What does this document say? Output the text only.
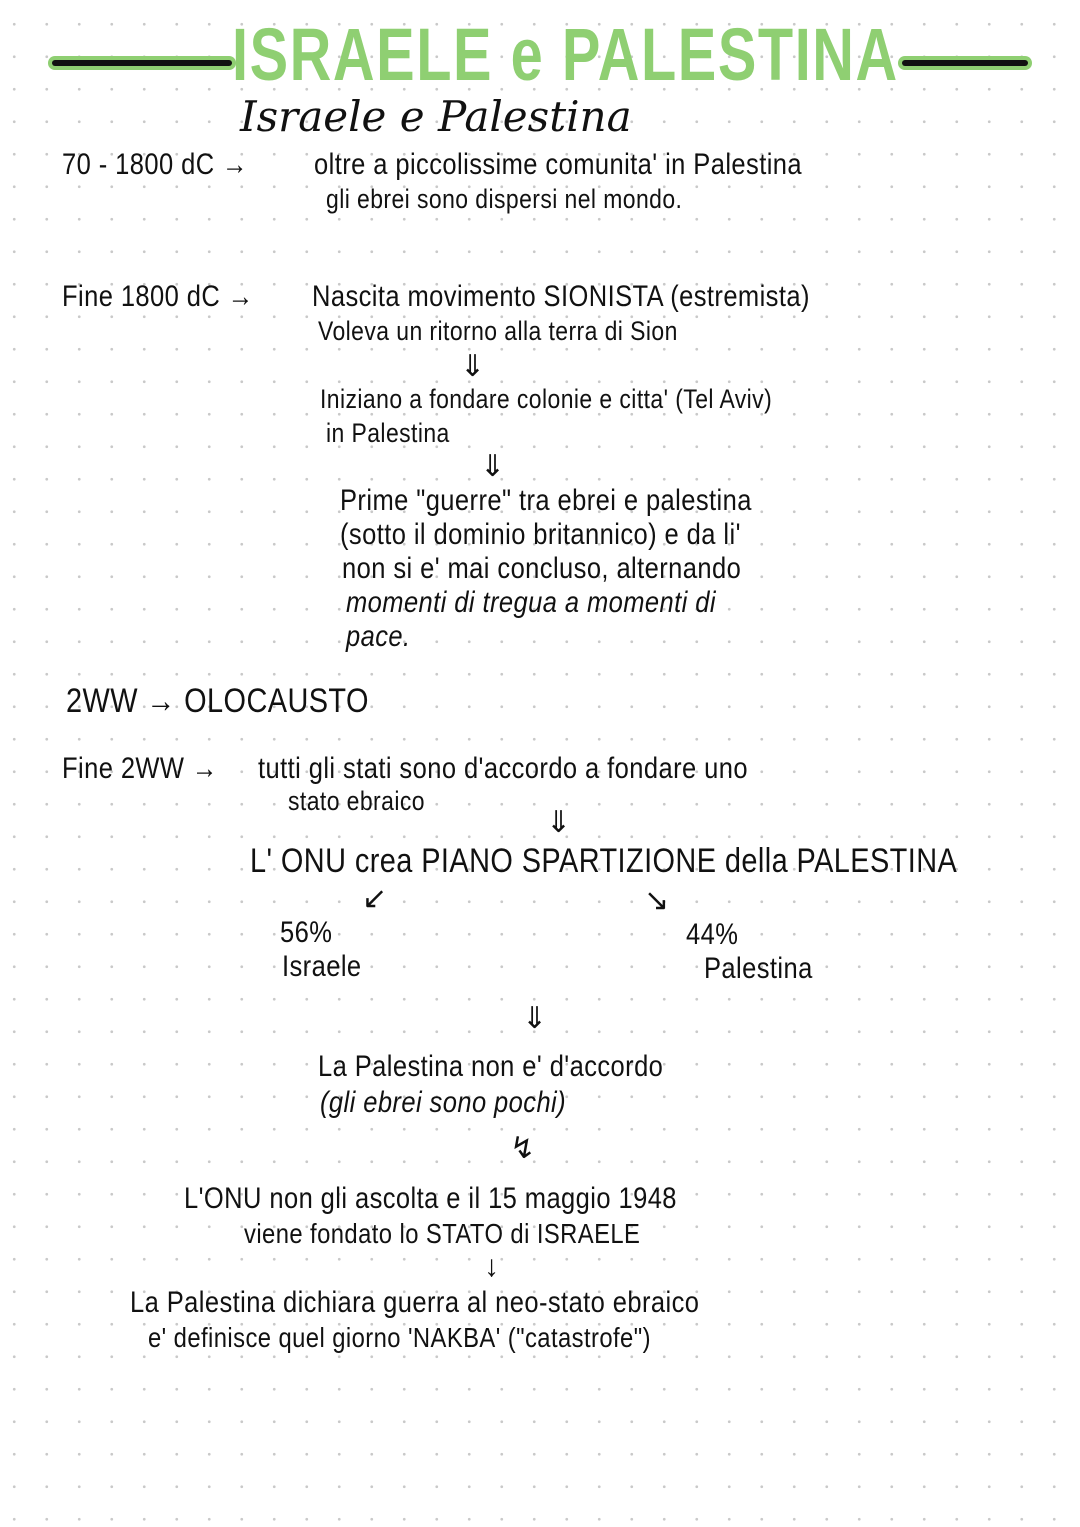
ISRAELE e PALESTINA
Israele e Palestina
70 - 1800 dC → oltre a piccolissime comunita' in Palestina
gli ebrei sono dispersi nel mondo.
Fine 1800 dC → Nascita movimento SIONISTA (estremista)
Voleva un ritorno alla terra di Sion
⇓
Iniziano a fondare colonie e citta' (Tel Aviv)
in Palestina
⇓
Prime "guerre" tra ebrei e palestina
(sotto il dominio britannico) e da li'
non si e' mai concluso, alternando
momenti di tregua a momenti di
pace.
2WW → OLOCAUSTO
Fine 2WW → tutti gli stati sono d'accordo a fondare uno
stato ebraico
⇓
L' ONU crea PIANO SPARTIZIONE della PALESTINA
↙	↘
56%
Israele
44%
Palestina
⇓
La Palestina non e' d'accordo
(gli ebrei sono pochi)
↯
L'ONU non gli ascolta e il 15 maggio 1948
viene fondato lo STATO di ISRAELE
↓
La Palestina dichiara guerra al neo-stato ebraico
e' definisce quel giorno 'NAKBA' ("catastrofe")
